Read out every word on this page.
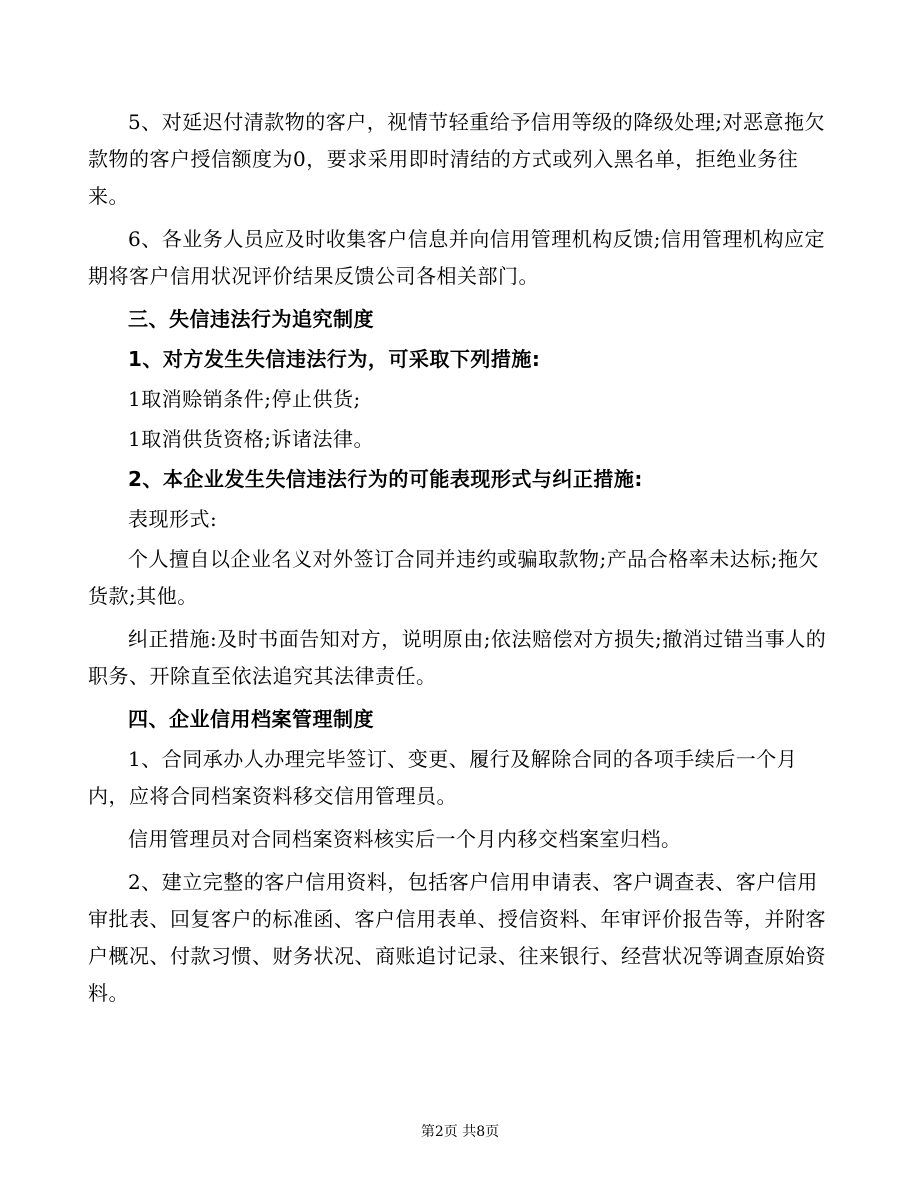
5、对延迟付清款物的客户，视情节轻重给予信用等级的降级处理;对恶意拖欠款物的客户授信额度为0，要求采用即时清结的方式或列入黑名单，拒绝业务往来。

6、各业务人员应及时收集客户信息并向信用管理机构反馈;信用管理机构应定期将客户信用状况评价结果反馈公司各相关部门。

三、失信违法行为追究制度

1、对方发生失信违法行为，可采取下列措施:

1取消赊销条件;停止供货;

1取消供货资格;诉诸法律。

2、本企业发生失信违法行为的可能表现形式与纠正措施:

表现形式:

个人擅自以企业名义对外签订合同并违约或骗取款物;产品合格率未达标;拖欠货款;其他。

纠正措施:及时书面告知对方，说明原由;依法赔偿对方损失;撤消过错当事人的职务、开除直至依法追究其法律责任。

四、企业信用档案管理制度

1、合同承办人办理完毕签订、变更、履行及解除合同的各项手续后一个月内，应将合同档案资料移交信用管理员。

信用管理员对合同档案资料核实后一个月内移交档案室归档。

2、建立完整的客户信用资料，包括客户信用申请表、客户调查表、客户信用审批表、回复客户的标准函、客户信用表单、授信资料、年审评价报告等，并附客户概况、付款习惯、财务状况、商账追讨记录、往来银行、经营状况等调查原始资料。

第2页 共8页
